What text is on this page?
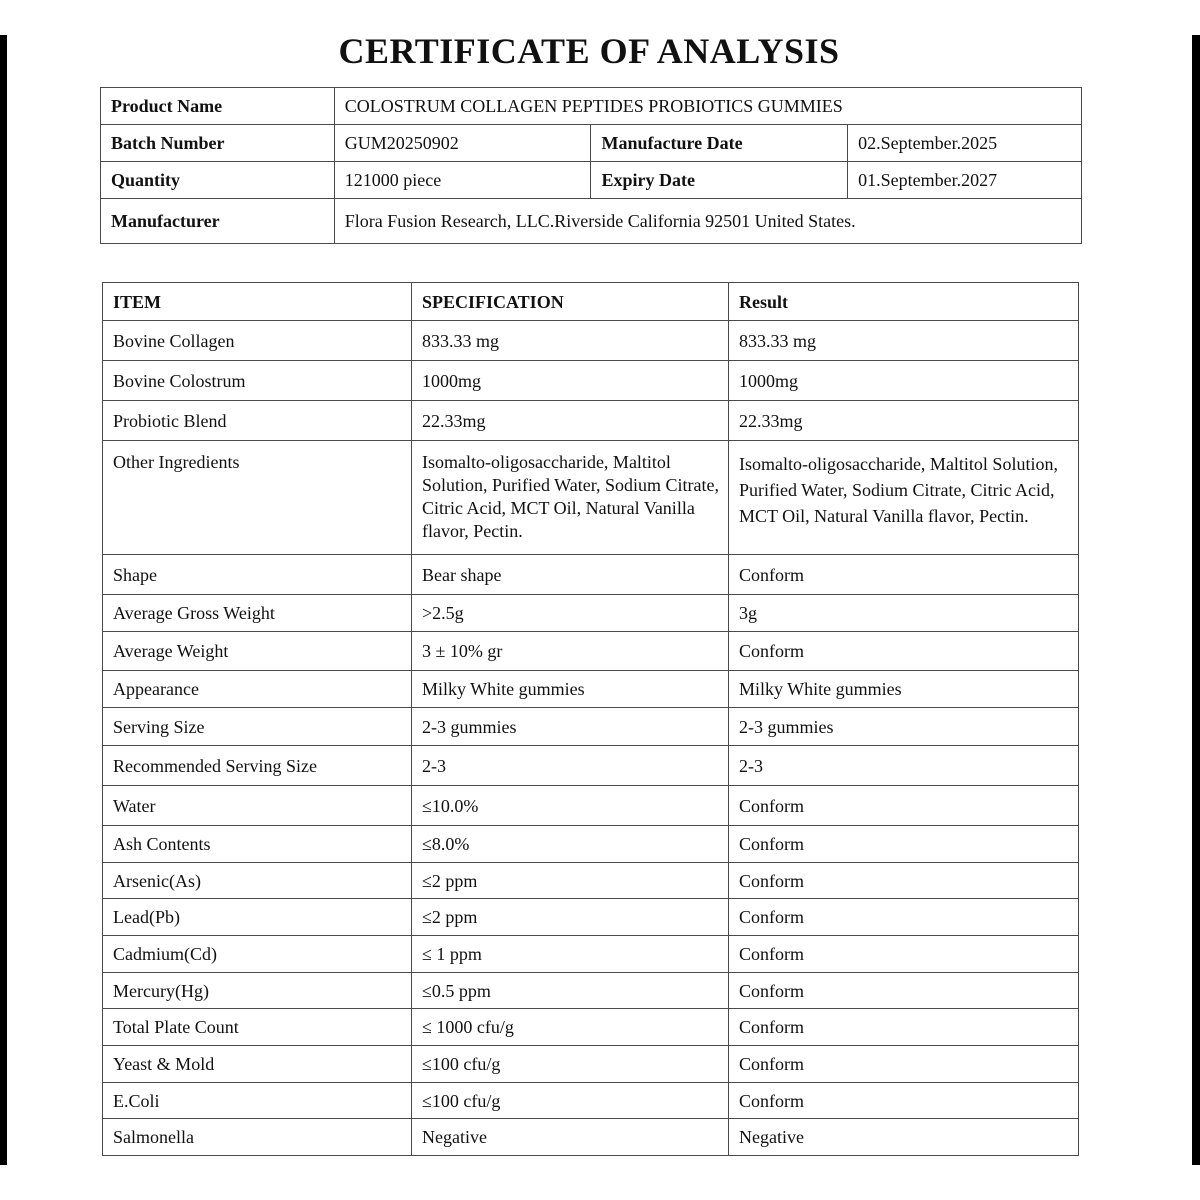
CERTIFICATE OF ANALYSIS
Product Name	COLOSTRUM COLLAGEN PEPTIDES PROBIOTICS GUMMIES		
Batch Number	GUM20250902	Manufacture Date	02.September.2025
Quantity	121000 piece	Expiry Date	01.September.2027
Manufacturer	Flora Fusion Research, LLC.Riverside California 92501 United States.		
ITEM	SPECIFICATION	Result
Bovine Collagen	833.33 mg	833.33 mg
Bovine Colostrum	1000mg	1000mg
Probiotic Blend	22.33mg	22.33mg
Other Ingredients	Isomalto-oligosaccharide, Maltitol Solution, Purified Water, Sodium Citrate, Citric Acid, MCT Oil, Natural Vanilla flavor, Pectin.	Isomalto-oligosaccharide, Maltitol Solution, Purified Water, Sodium Citrate, Citric Acid, MCT Oil, Natural Vanilla flavor, Pectin.
Shape	Bear shape	Conform
Average Gross Weight	>2.5g	3g
Average Weight	3 ± 10% gr	Conform
Appearance	Milky White gummies	Milky White gummies
Serving Size	2-3 gummies	2-3 gummies
Recommended Serving Size	2-3	2-3
Water	≤10.0%	Conform
Ash Contents	≤8.0%	Conform
Arsenic(As)	≤2 ppm	Conform
Lead(Pb)	≤2 ppm	Conform
Cadmium(Cd)	≤ 1 ppm	Conform
Mercury(Hg)	≤0.5 ppm	Conform
Total Plate Count	≤ 1000 cfu/g	Conform
Yeast & Mold	≤100 cfu/g	Conform
E.Coli	≤100 cfu/g	Conform
Salmonella	Negative	Negative
